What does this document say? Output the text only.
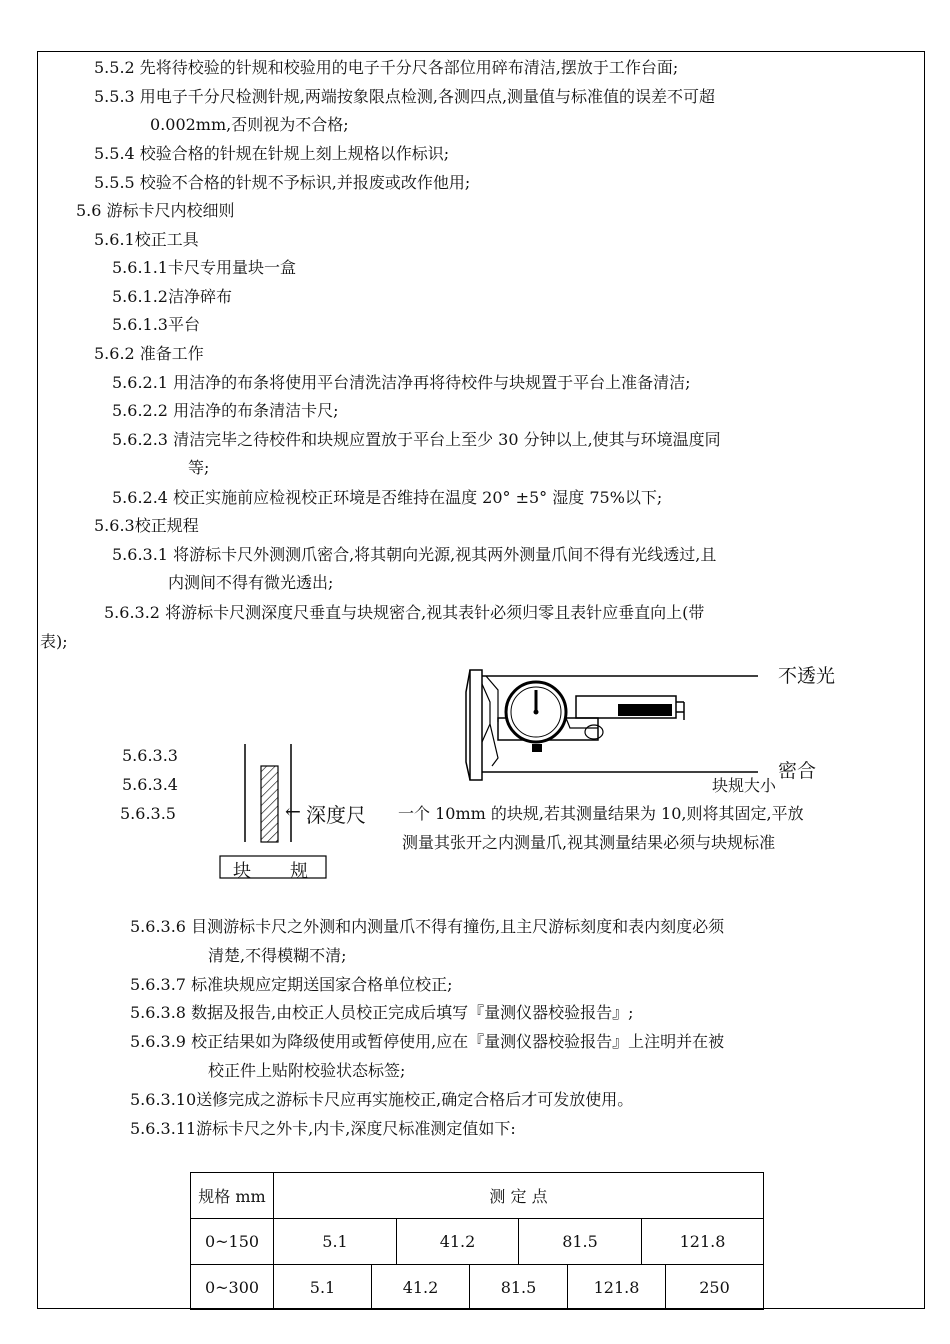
5.5.2 先将待校验的针规和校验用的电子千分尺各部位用碎布清洁,摆放于工作台面;
5.5.3 用电子千分尺检测针规,两端按象限点检测,各测四点,测量值与标准值的误差不可超
0.002mm,否则视为不合格;
5.5.4 校验合格的针规在针规上刻上规格以作标识;
5.5.5 校验不合格的针规不予标识,并报废或改作他用;
5.6 游标卡尺内校细则
5.6.1校正工具
5.6.1.1卡尺专用量块一盒
5.6.1.2洁净碎布
5.6.1.3平台
5.6.2 准备工作
5.6.2.1 用洁净的布条将使用平台清洗洁净再将待校件与块规置于平台上准备清洁;
5.6.2.2 用洁净的布条清洁卡尺;
5.6.2.3 清洁完毕之待校件和块规应置放于平台上至少 30 分钟以上,使其与环境温度同
等;
5.6.2.4 校正实施前应检视校正环境是否维持在温度 20° ±5° 湿度 75%以下;
5.6.3校正规程
5.6.3.1 将游标卡尺外测测爪密合,将其朝向光源,视其两外测量爪间不得有光线透过,且
内测间不得有微光透出;
5.6.3.2 将游标卡尺测深度尺垂直与块规密合,视其表针必须归零且表针应垂直向上(带
表);
5.6.3.3
5.6.3.4
5.6.3.5
块规大小
一个 10mm 的块规,若其测量结果为 10,则将其固定,平放
测量其张开之内测量爪,视其测量结果必须与块规标准
← 深度尺
块 规
不透光
密合
5.6.3.6 目测游标卡尺之外测和内测量爪不得有撞伤,且主尺游标刻度和表内刻度必须
清楚,不得模糊不清;
5.6.3.7 标准块规应定期送国家合格单位校正;
5.6.3.8 数据及报告,由校正人员校正完成后填写『量测仪器校验报告』;
5.6.3.9 校正结果如为降级使用或暂停使用,应在『量测仪器校验报告』上注明并在被
校正件上贴附校验状态标签;
5.6.3.10送修完成之游标卡尺应再实施校正,确定合格后才可发放使用。
5.6.3.11游标卡尺之外卡,内卡,深度尺标准测定值如下:
规格 mm	测 定 点
0~150	5.1	41.2	81.5	121.8
0~300	5.1	41.2	81.5	121.8	250
